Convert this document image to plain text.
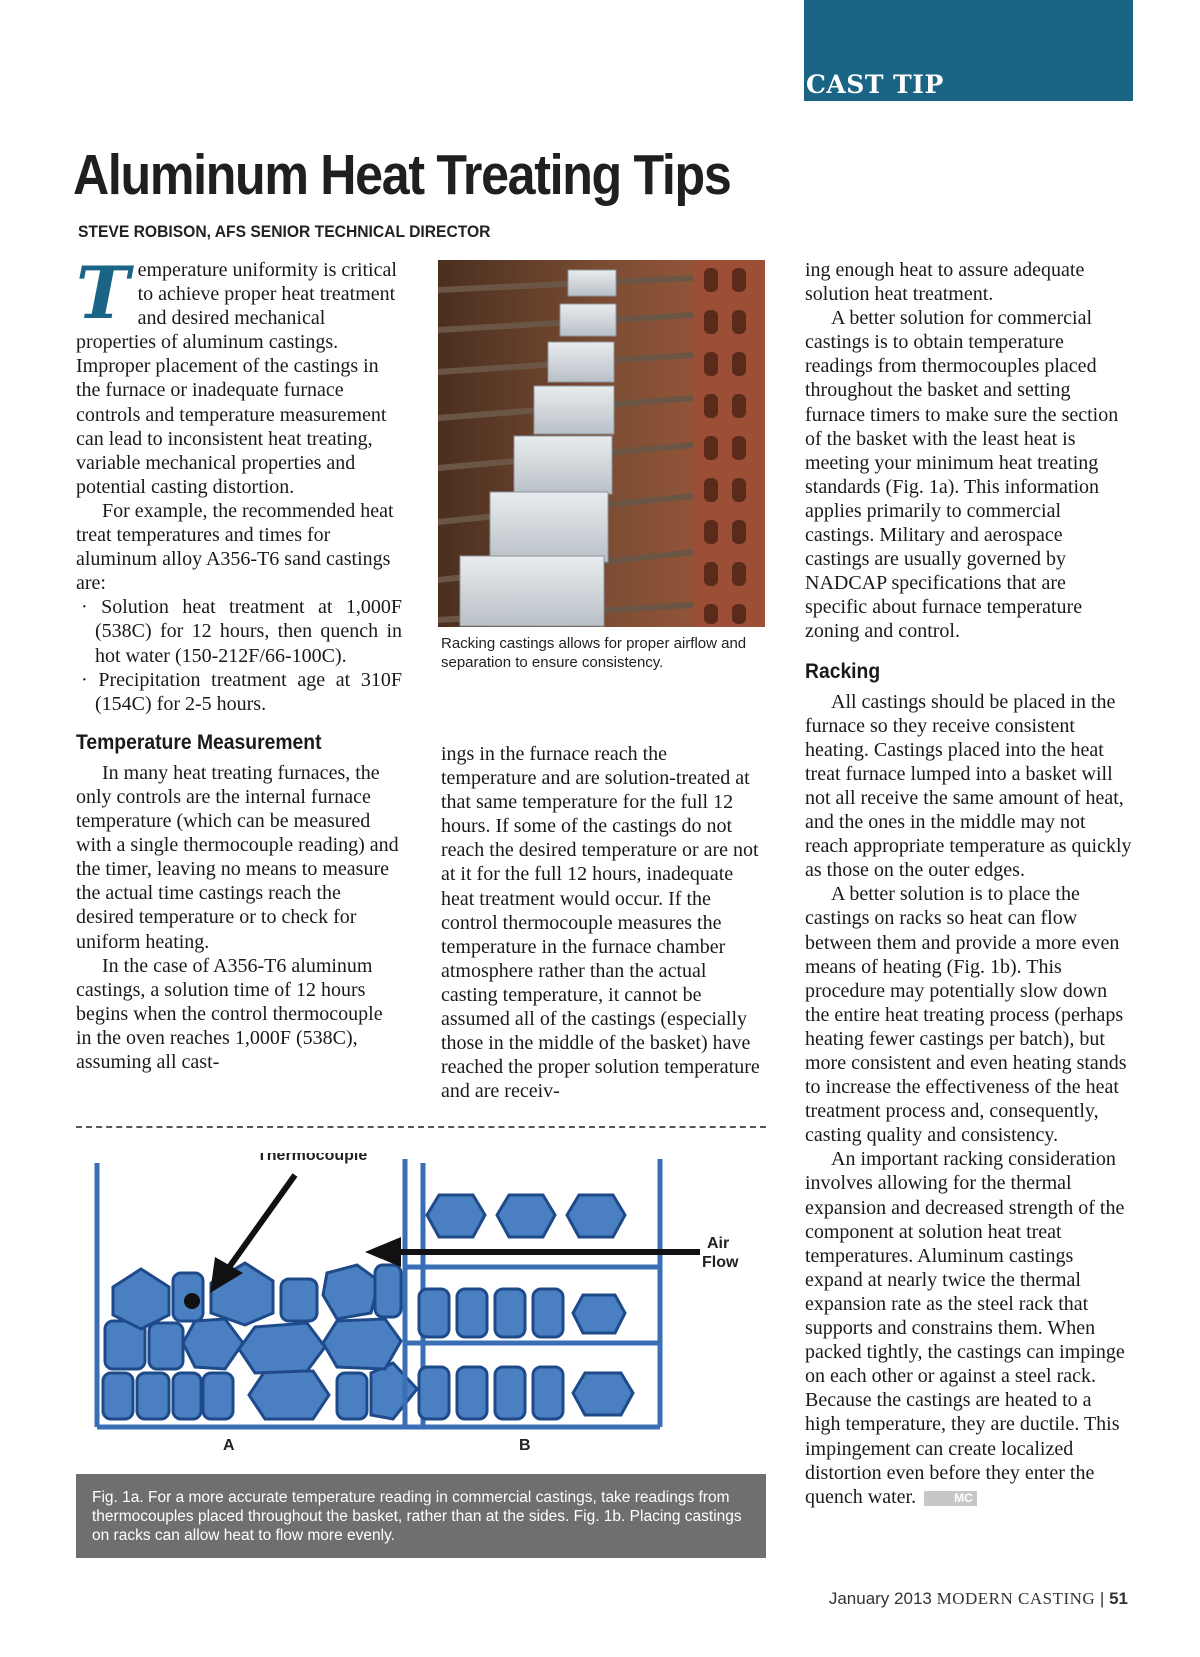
CAST TIP
Aluminum Heat Treating Tips
STEVE ROBISON, AFS SENIOR TECHNICAL DIRECTOR

Temperature uniformity is critical to achieve proper heat treatment and desired mechanical properties of aluminum castings. Improper placement of the castings in the furnace or inadequate furnace controls and temperature measurement can lead to inconsistent heat treating, variable mechanical properties and potential casting distortion.

For example, the recommended heat treat temperatures and times for aluminum alloy A356-T6 sand castings are:

· Solution heat treatment at 1,000F (538C) for 12 hours, then quench in hot water (150-212F/66-100C).

· Precipitation treatment age at 310F (154C) for 2-5 hours.

Temperature Measurement

In many heat treating furnaces, the only controls are the internal furnace temperature (which can be measured with a single thermocouple reading) and the timer, leaving no means to measure the actual time castings reach the desired temperature or to check for uniform heating.

In the case of A356-T6 aluminum castings, a solution time of 12 hours begins when the control thermocouple in the oven reaches 1,000F (538C), assuming all cast-

Racking castings allows for proper airflow and separation to ensure consistency.

ings in the furnace reach the temperature and are solution-treated at that same temperature for the full 12 hours. If some of the castings do not reach the desired temperature or are not at it for the full 12 hours, inadequate heat treatment would occur. If the control thermocouple measures the temperature in the furnace chamber atmosphere rather than the actual casting temperature, it cannot be assumed all of the castings (especially those in the middle of the basket) have reached the proper solution temperature and are receiv-

ing enough heat to assure adequate solution heat treatment.

A better solution for commercial castings is to obtain temperature readings from thermocouples placed throughout the basket and setting furnace timers to make sure the section of the basket with the least heat is meeting your minimum heat treating standards (Fig. 1a). This information applies primarily to commercial castings. Military and aerospace castings are usually governed by NADCAP specifications that are specific about furnace temperature zoning and control.

Racking

All castings should be placed in the furnace so they receive consistent heating. Castings placed into the heat treat furnace lumped into a basket will not all receive the same amount of heat, and the ones in the middle may not reach appropriate temperature as quickly as those on the outer edges.

A better solution is to place the castings on racks so heat can flow between them and provide a more even means of heating (Fig. 1b). This procedure may potentially slow down the entire heat treating process (perhaps heating fewer castings per batch), but more consistent and even heating stands to increase the effectiveness of the heat treatment process and, consequently, casting quality and consistency.

An important racking consideration involves allowing for the thermal expansion and decreased strength of the component at solution heat treat temperatures. Aluminum castings expand at nearly twice the thermal expansion rate as the steel rack that supports and constrains them. When packed tightly, the castings can impinge on each other or against a steel rack. Because the castings are heated to a high temperature, they are ductile. This impingement can create localized distortion even before they enter the quench water.	MC

Thermocouple
Air
Flow
A	B
Fig. 1a. For a more accurate temperature reading in commercial castings, take readings from thermocouples placed throughout the basket, rather than at the sides. Fig. 1b. Placing castings on racks can allow heat to flow more evenly.
January 2013 MODERN CASTING | 51
